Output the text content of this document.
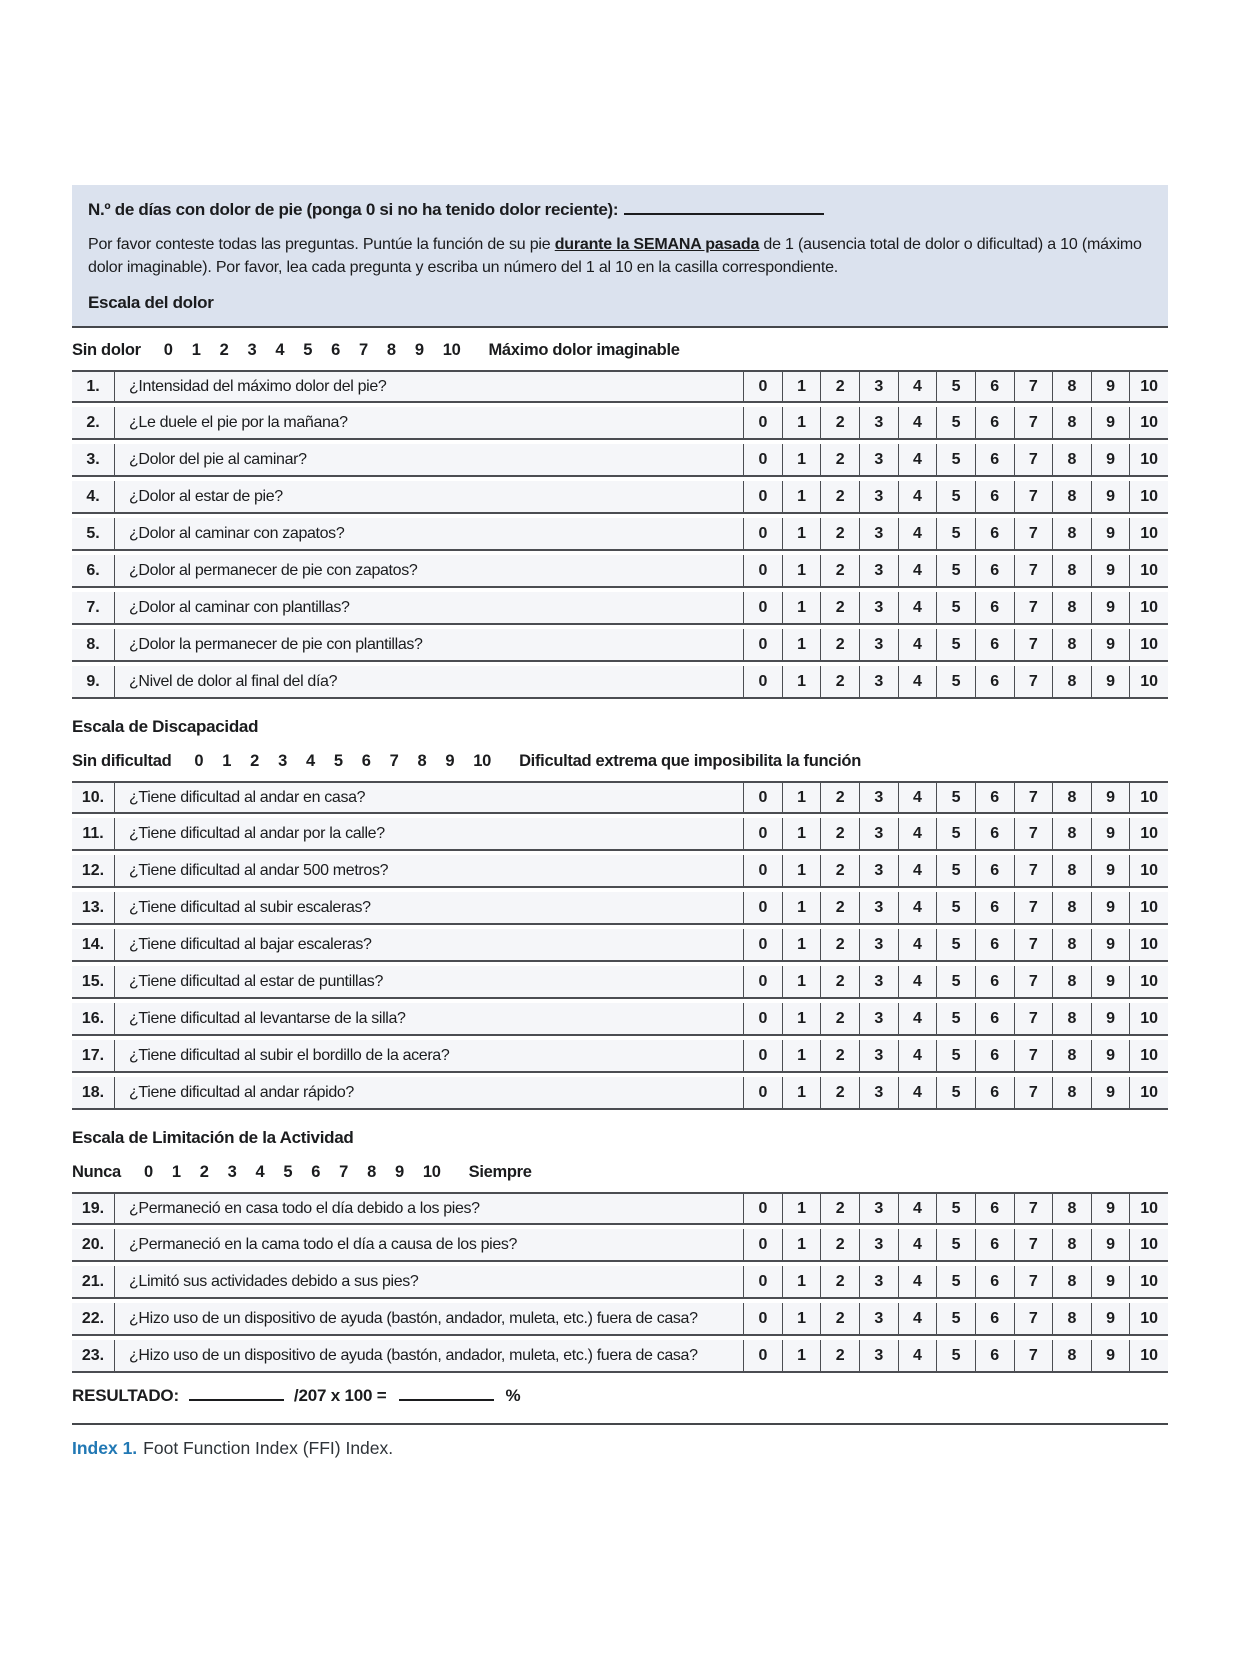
N.º de días con dolor de pie (ponga 0 si no ha tenido dolor reciente):
Por favor conteste todas las preguntas. Puntúe la función de su pie durante la SEMANA pasada de 1 (ausencia total de dolor o dificultad) a 10 (máximo dolor imaginable). Por favor, lea cada pregunta y escriba un número del 1 al 10 en la casilla correspondiente.
Escala del dolor
Sin dolor 0 1 2 3 4 5 6 7 8 9 10 Máximo dolor imaginable
1.	¿Intensidad del máximo dolor del pie?	0	1	2	3	4	5	6	7	8	9	10
2.	¿Le duele el pie por la mañana?	0	1	2	3	4	5	6	7	8	9	10
3.	¿Dolor del pie al caminar?	0	1	2	3	4	5	6	7	8	9	10
4.	¿Dolor al estar de pie?	0	1	2	3	4	5	6	7	8	9	10
5.	¿Dolor al caminar con zapatos?	0	1	2	3	4	5	6	7	8	9	10
6.	¿Dolor al permanecer de pie con zapatos?	0	1	2	3	4	5	6	7	8	9	10
7.	¿Dolor al caminar con plantillas?	0	1	2	3	4	5	6	7	8	9	10
8.	¿Dolor la permanecer de pie con plantillas?	0	1	2	3	4	5	6	7	8	9	10
9.	¿Nivel de dolor al final del día?	0	1	2	3	4	5	6	7	8	9	10
Escala de Discapacidad
Sin dificultad 0 1 2 3 4 5 6 7 8 9 10 Dificultad extrema que imposibilita la función
10.	¿Tiene dificultad al andar en casa?	0	1	2	3	4	5	6	7	8	9	10
11.	¿Tiene dificultad al andar por la calle?	0	1	2	3	4	5	6	7	8	9	10
12.	¿Tiene dificultad al andar 500 metros?	0	1	2	3	4	5	6	7	8	9	10
13.	¿Tiene dificultad al subir escaleras?	0	1	2	3	4	5	6	7	8	9	10
14.	¿Tiene dificultad al bajar escaleras?	0	1	2	3	4	5	6	7	8	9	10
15.	¿Tiene dificultad al estar de puntillas?	0	1	2	3	4	5	6	7	8	9	10
16.	¿Tiene dificultad al levantarse de la silla?	0	1	2	3	4	5	6	7	8	9	10
17.	¿Tiene dificultad al subir el bordillo de la acera?	0	1	2	3	4	5	6	7	8	9	10
18.	¿Tiene dificultad al andar rápido?	0	1	2	3	4	5	6	7	8	9	10
Escala de Limitación de la Actividad
Nunca 0 1 2 3 4 5 6 7 8 9 10 Siempre
19.	¿Permaneció en casa todo el día debido a los pies?	0	1	2	3	4	5	6	7	8	9	10
20.	¿Permaneció en la cama todo el día a causa de los pies?	0	1	2	3	4	5	6	7	8	9	10
21.	¿Limitó sus actividades debido a sus pies?	0	1	2	3	4	5	6	7	8	9	10
22.	¿Hizo uso de un dispositivo de ayuda (bastón, andador, muleta, etc.) fuera de casa?	0	1	2	3	4	5	6	7	8	9	10
23.	¿Hizo uso de un dispositivo de ayuda (bastón, andador, muleta, etc.) fuera de casa?	0	1	2	3	4	5	6	7	8	9	10
RESULTADO:	/207 x 100 =	%
Index 1. Foot Function Index (FFI) Index.
